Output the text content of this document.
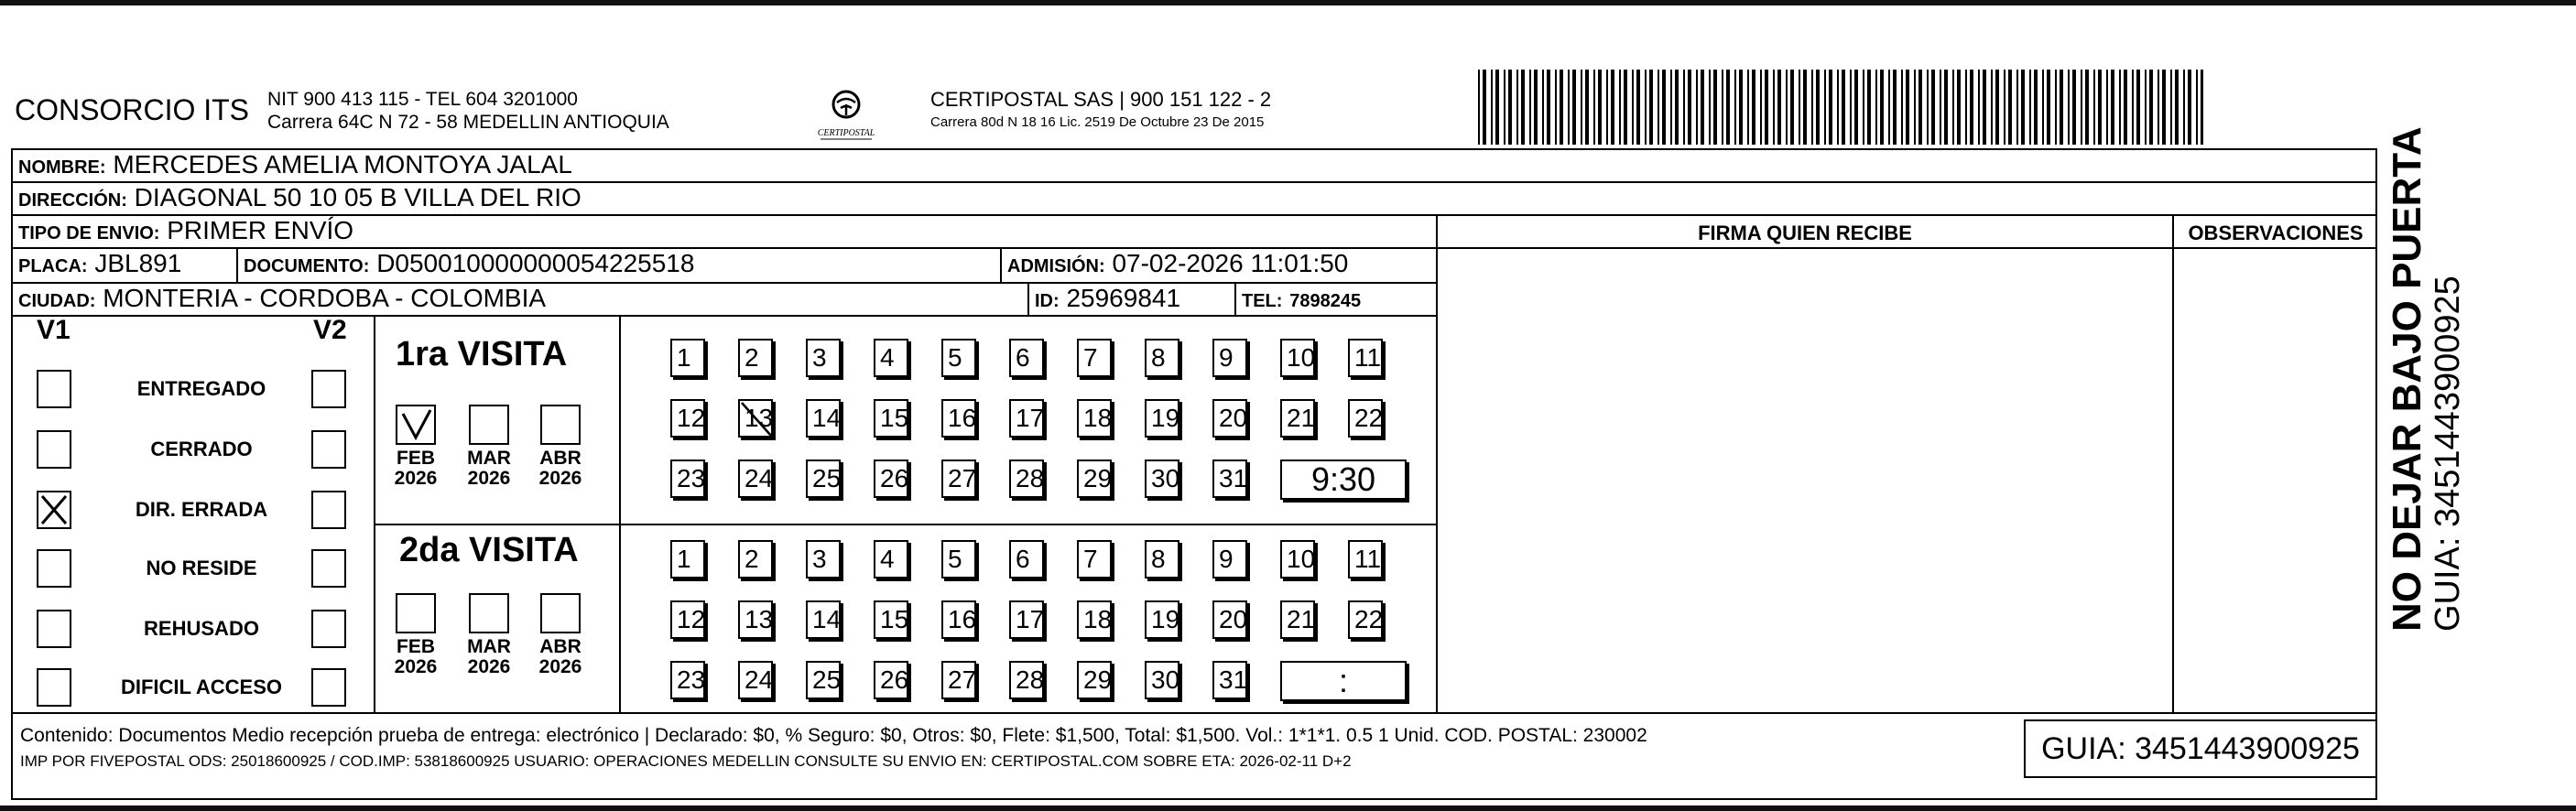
CONSORCIO ITS NIT 900 413 115 - TEL 604 3201000
Carrera 64C N 72 - 58 MEDELLIN ANTIOQUIA
CERTIPOSTAL
CERTIPOSTAL SAS | 900 151 122 - 2
Carrera 80d N 18 16 Lic. 2519 De Octubre 23 De 2015
NOMBRE: MERCEDES AMELIA MONTOYA JALAL
DIRECCIÓN: DIAGONAL 50 10 05 B VILLA DEL RIO
TIPO DE ENVIO: PRIMER ENVÍO
PLACA: JBL891	DOCUMENTO: D050010000000054225518	ADMISIÓN: 07-02-2026 11:01:50
CIUDAD: MONTERIA - CORDOBA - COLOMBIA	ID: 25969841	TEL: 7898245
FIRMA QUIEN RECIBE	OBSERVACIONES
V1	V2
ENTREGADO
CERRADO
DIR. ERRADA
NO RESIDE
REHUSADO
DIFICIL ACCESO
1ra VISITA
2da VISITA
FEB
2026
MAR
2026
ABR
2026
FEB
2026
MAR
2026
ABR
2026
1	2	3	4	5	6	7	8	9	10 11
12 13 14 15 16 17 18 19 20 21 22
23 24 25 26 27 28 29 30 31	9:30
1	2	3	4	5	6	7	8	9	10 11
12 13 14 15 16 17 18 19 20 21 22
23 24 25 26 27 28 29 30 31	:
Contenido: Documentos Medio recepción prueba de entrega: electrónico | Declarado: $0, % Seguro: $0, Otros: $0, Flete: $1,500, Total: $1,500. Vol.: 1*1*1. 0.5 1 Unid. COD. POSTAL: 230002
IMP POR FIVEPOSTAL ODS: 25018600925 / COD.IMP: 53818600925 USUARIO: OPERACIONES MEDELLIN CONSULTE SU ENVIO EN: CERTIPOSTAL.COM SOBRE ETA: 2026-02-11 D+2	GUIA: 3451443900925
NO DEJAR BAJO PUERTA GUIA: 3451443900925
